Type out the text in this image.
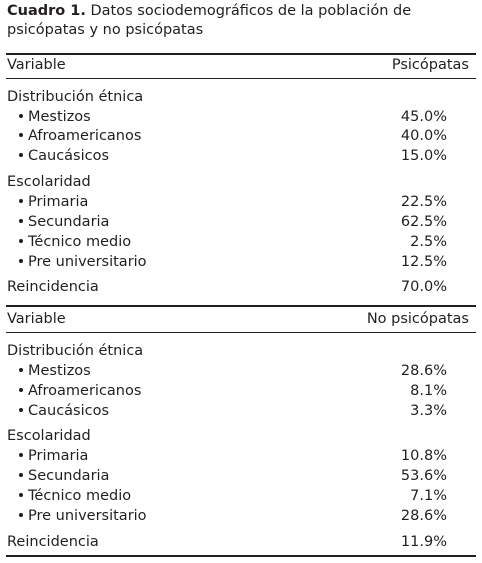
Cuadro 1. Datos sociodemográficos de la población de psicópatas y no psicópatas

Variable	Psicópatas
Distribución étnica
Mestizos	45.0%
Afroamericanos	40.0%
Caucásicos	15.0%
Escolaridad
Primaria	22.5%
Secundaria	62.5%
Técnico medio	2.5%
Pre universitario	12.5%
Reincidencia	70.0%
Variable	No psicópatas
Distribución étnica
Mestizos	28.6%
Afroamericanos	8.1%
Caucásicos	3.3%
Escolaridad
Primaria	10.8%
Secundaria	53.6%
Técnico medio	7.1%
Pre universitario	28.6%
Reincidencia	11.9%
